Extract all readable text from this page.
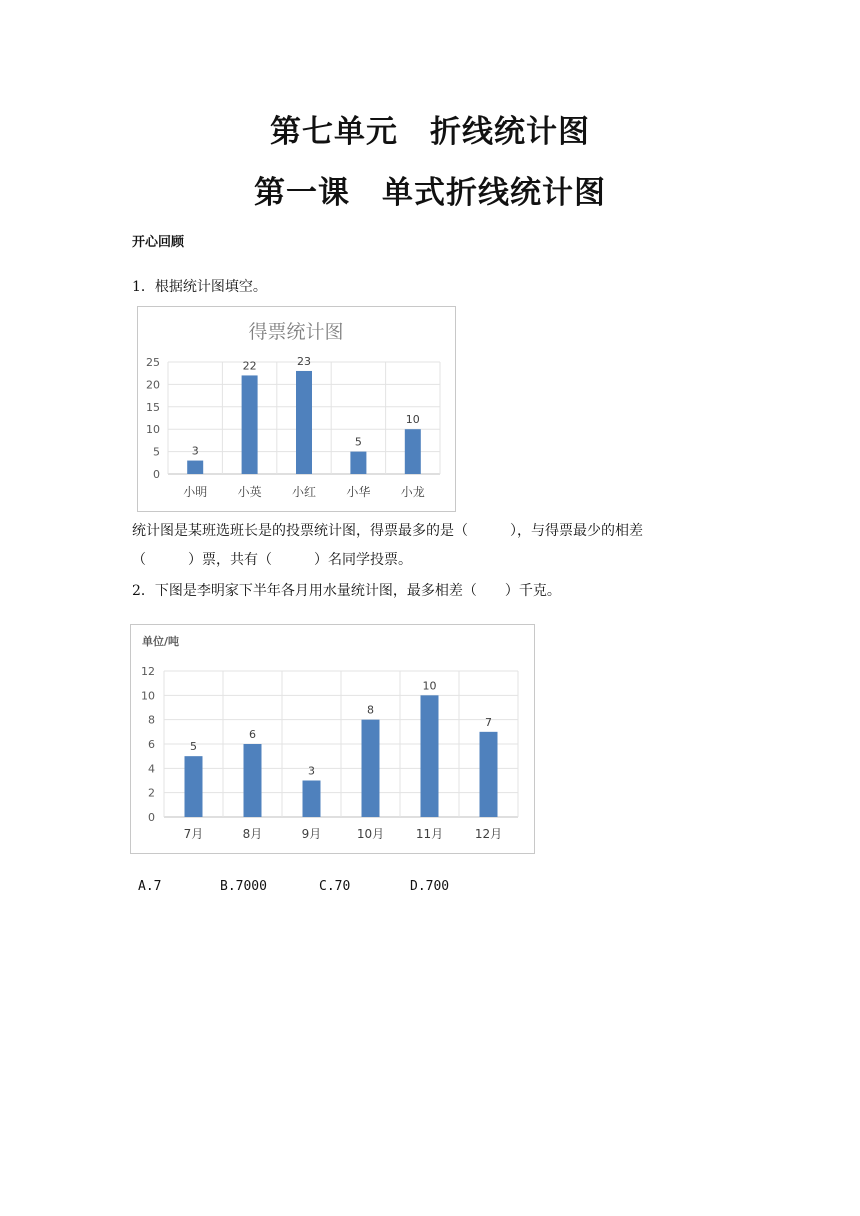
第七单元　折线统计图
第一课　单式折线统计图
开心回顾
1．根据统计图填空。
得票统计图
0
5
10
15
20
25
3
小明
22
小英
23
小红
5
小华
10
小龙
统计图是某班选班长是的投票统计图，得票最多的是（　　　），与得票最少的相差
（　　　）票，共有（　　　）名同学投票。
2．下图是李明家下半年各月用水量统计图，最多相差（　　）千克。
单位/吨
0
2
4
6
8
10
12
5
7月
6
8月
3
9月
8
10月
10
11月
7
12月
A.7	B.7000	C.70	D.700
